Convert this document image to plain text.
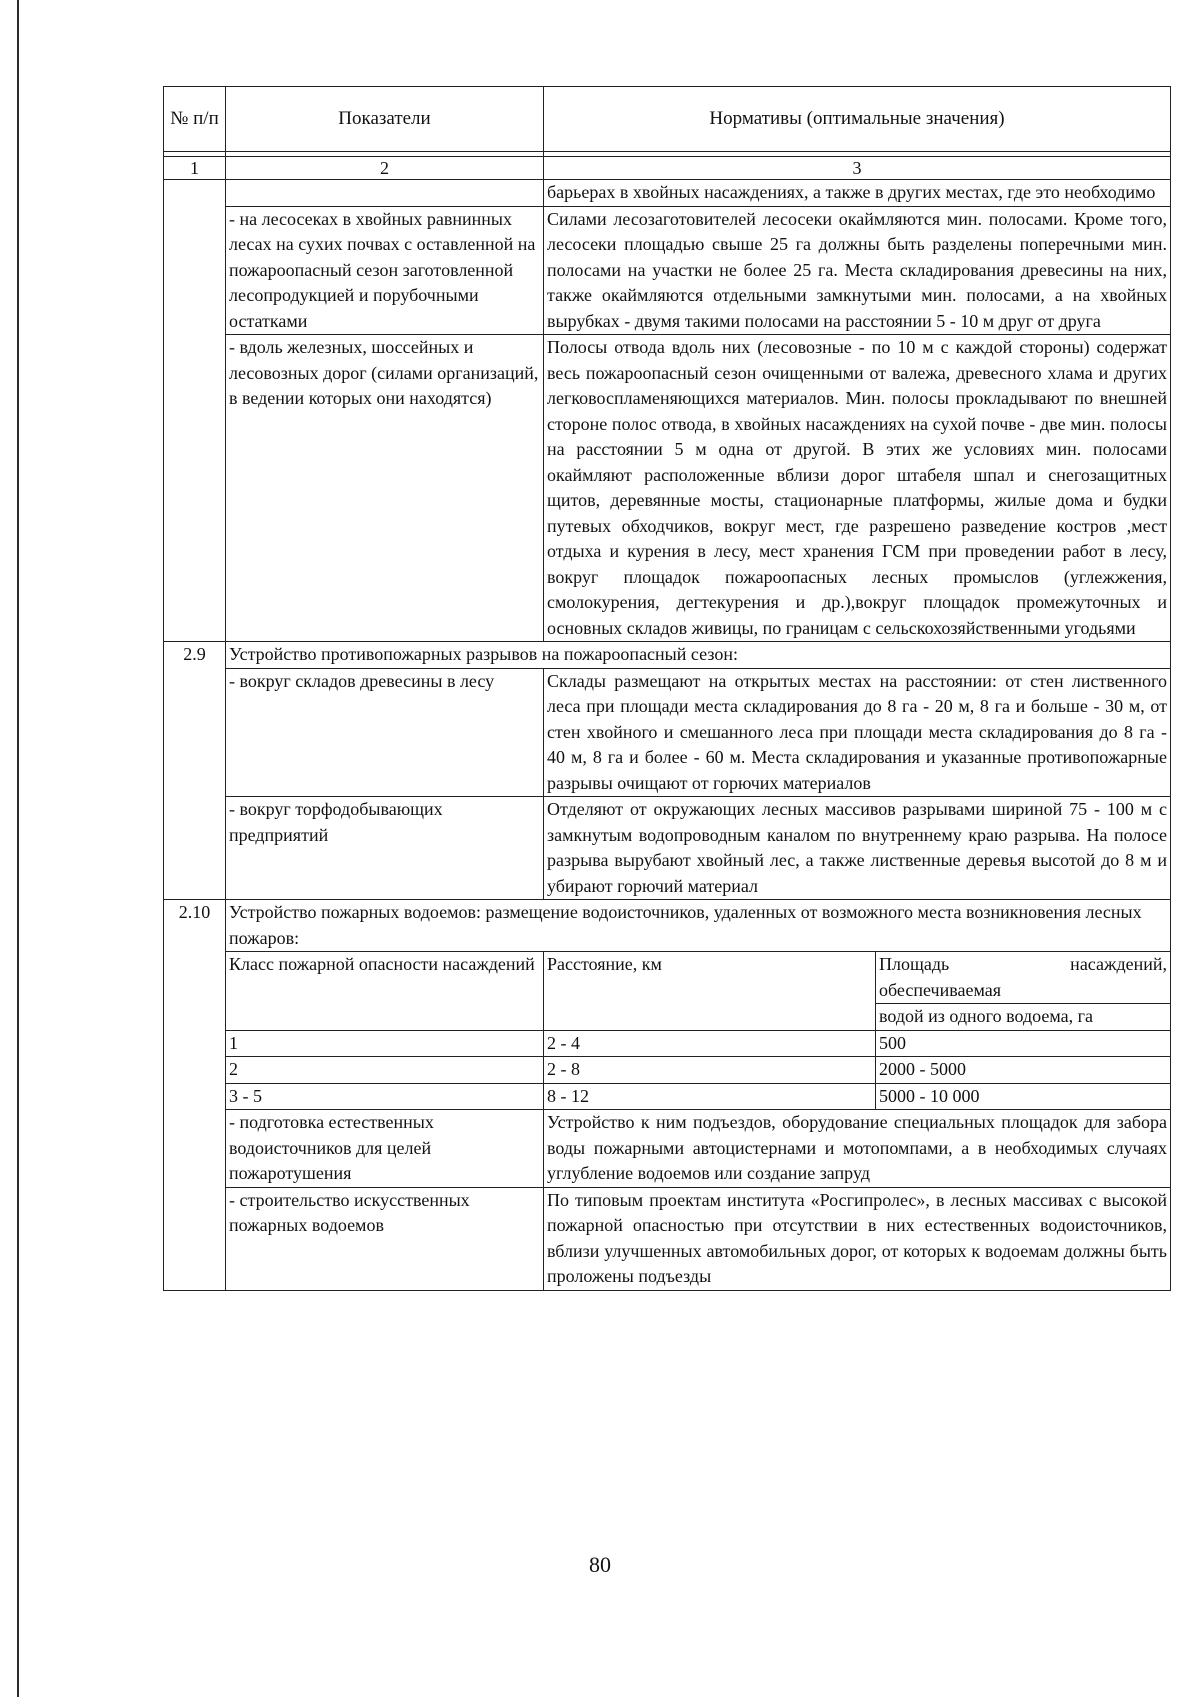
№ п/п	Показатели	Нормативы (оптимальные значения)	

1	2	3	
		барьерах в хвойных насаждениях, а также в других местах, где это необходимо	
	- на лесосеках в хвойных равнинных лесах на сухих почвах с оставленной на пожароопасный сезон заготовленной лесопродукцией и порубочными остатками	Силами лесозаготовителей лесосеки окаймляются мин. полосами. Кроме того, лесосеки площадью свыше 25 га должны быть разделены поперечными мин. полосами на участки не более 25 га. Места складирования древесины на них, также окаймляются отдельными замкнутыми мин. полосами, а на хвойных вырубках - двумя такими полосами на расстоянии 5 - 10 м друг от друга	
	- вдоль железных, шоссейных и лесовозных дорог (силами организаций, в ведении которых они находятся)	Полосы отвода вдоль них (лесовозные - по 10 м с каждой стороны) содержат весь пожароопасный сезон очищенными от валежа, древесного хлама и других легковоспламеняющихся материалов. Мин. полосы прокладывают по внешней стороне полос отвода, в хвойных насаждениях на сухой почве - две мин. полосы на расстоянии 5 м одна от другой. В этих же условиях мин. полосами окаймляют расположенные вблизи дорог штабеля шпал и снегозащитных щитов, деревянные мосты, стационарные платформы, жилые дома и будки путевых обходчиков, вокруг мест, где разрешено разведение костров ,мест отдыха и курения в лесу, мест хранения ГСМ при проведении работ в лесу, вокруг площадок пожароопасных лесных промыслов (углежжения, смолокурения, дегтекурения и др.),вокруг площадок промежуточных и основных складов живицы, по границам с сельскохозяйственными угодьями	
2.9	Устройство противопожарных разрывов на пожароопасный сезон:		
	- вокруг складов древесины в лесу	Склады размещают на открытых местах на расстоянии: от стен лиственного леса при площади места складирования до 8 га - 20 м, 8 га и больше - 30 м, от стен хвойного и смешанного леса при площади места складирования до 8 га - 40 м, 8 га и более - 60 м. Места складирования и указанные противопожарные разрывы очищают от горючих материалов	
	- вокруг торфодобывающих предприятий	Отделяют от окружающих лесных массивов разрывами шириной 75 - 100 м с замкнутым водопроводным каналом по внутреннему краю разрыва. На полосе разрыва вырубают хвойный лес, а также лиственные деревья высотой до 8 м и убирают горючий материал	
2.10	Устройство пожарных водоемов: размещение водоисточников, удаленных от возможного места возникновения лесных пожаров:		
	Класс пожарной опасности насаждений	Расстояние, км	Площадь насаждений, обеспечиваемая
			водой из одного водоема, га
	1	2 - 4	500
	2	2 - 8	2000 - 5000
	3 - 5	8 - 12	5000 - 10 000
	- подготовка естественных водоисточников для целей пожаротушения	Устройство к ним подъездов, оборудование специальных площадок для забора воды пожарными автоцистернами и мотопомпами, а в необходимых случаях углубление водоемов или создание запруд	
	- строительство искусственных пожарных водоемов	По типовым проектам института «Росгипролес», в лесных массивах с высокой пожарной опасностью при отсутствии в них естественных водоисточников, вблизи улучшенных автомобильных дорог, от которых к водоемам должны быть проложены подъезды	
80
